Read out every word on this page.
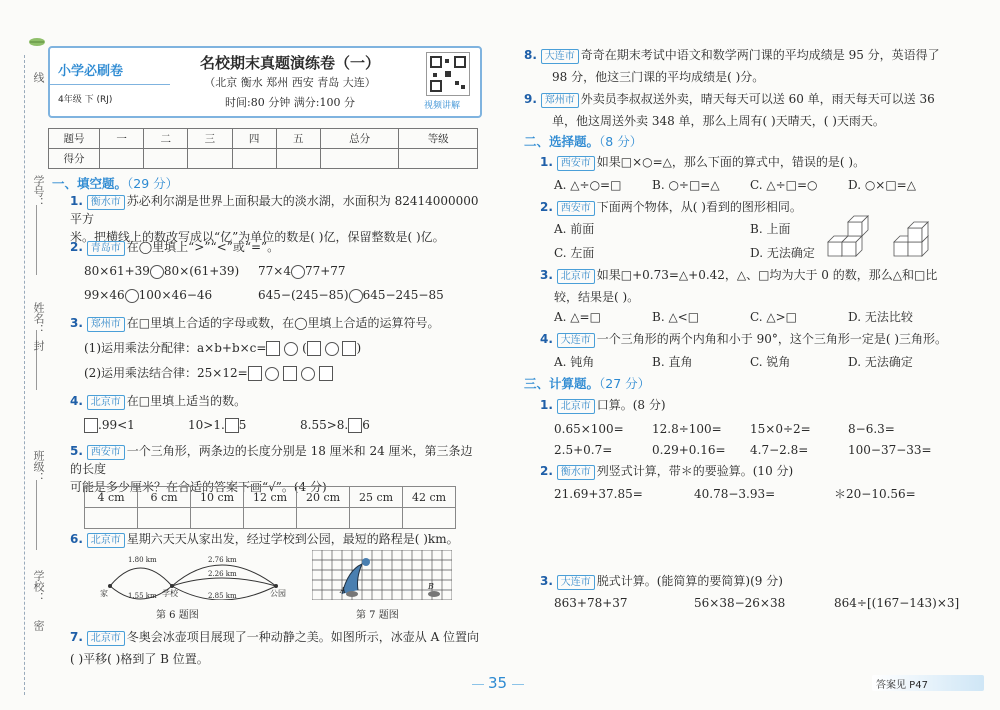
线
学号：
姓名：
封
班级：
学校：
密
小学必刷卷
4年级 下 (RJ)
名校期末真题演练卷（一）
（北京 衡水 郑州 西安 青岛 大连）
时间:80 分钟 满分:100 分	视频讲解
题号	一	二	三	四	五	总分	等级
得分							
一、填空题。（29 分）
1. 衡水市 苏必利尔湖是世界上面积最大的淡水湖，水面积为 82414000000 平方
米。把横线上的数改写成以“亿”为单位的数是( )亿，保留整数是( )亿。
2. 青岛市 在◯里填上“>”“<”或“=”。
80×61+39 80×(61+39) 77×4 77+77
99×46 100×46−46	645−(245−85) 645−245−85
3. 郑州市 在□里填上合适的字母或数，在◯里填上合适的运算符号。
(1)运用乘法分配律：a×b+b×c=	(	)
(2)运用乘法结合律：25×12=
4. 北京市 在□里填上适当的数。
.99<1	10>1. 5	8.55>8. 6
5. 西安市 一个三角形，两条边的长度分别是 18 厘米和 24 厘米，第三条边的长度
可能是多少厘米？在合适的答案下画“√”。(4 分)
4 cm	6 cm	10 cm	12 cm	20 cm	25 cm	42 cm

6. 北京市 星期六天天从家出发，经过学校到公园，最短的路程是( )km。
1.80 km
1.55 km
2.76 km
2.26 km
2.85 km
家	学校	公园
第 6 题图
A	B
第 7 题图
7. 北京市 冬奥会冰壶项目展现了一种动静之美。如图所示，冰壶从 A 位置向
( )平移( )格到了 B 位置。
8. 大连市 奇奇在期末考试中语文和数学两门课的平均成绩是 95 分，英语得了
98 分，他这三门课的平均成绩是( )分。
9. 郑州市 外卖员李叔叔送外卖，晴天每天可以送 60 单，雨天每天可以送 36
单，他这周送外卖 348 单，那么上周有( )天晴天，( )天雨天。
二、选择题。（8 分）
1. 西安市 如果□×○=△，那么下面的算式中，错误的是( )。
A. △÷○=□	B. ○÷□=△	C. △÷□=○	D. ○×□=△
2. 西安市 下面两个物体，从( )看到的图形相同。
A. 前面	B. 上面
C. 左面	D. 无法确定
3. 北京市 如果□+0.73=△+0.42，△、□均为大于 0 的数，那么△和□比
较，结果是( )。
A. △=□	B. △<□	C. △>□	D. 无法比较
4. 大连市 一个三角形的两个内角和小于 90°，这个三角形一定是( )三角形。
A. 钝角	B. 直角	C. 锐角	D. 无法确定
三、计算题。（27 分）
1. 北京市 口算。(8 分)
0.65×100= 12.8÷100= 15×0÷2=	8−6.3=
2.5+0.7=	0.29+0.16= 4.7−2.8=	100−37−33=
2. 衡水市 列竖式计算，带＊的要验算。(10 分)
21.69+37.85=	40.78−3.93=	＊20−10.56=
3. 大连市 脱式计算。(能简算的要简算)(9 分)
863+78+37	56×38−26×38	864÷[(167−143)×3]
35	答案见 P47
